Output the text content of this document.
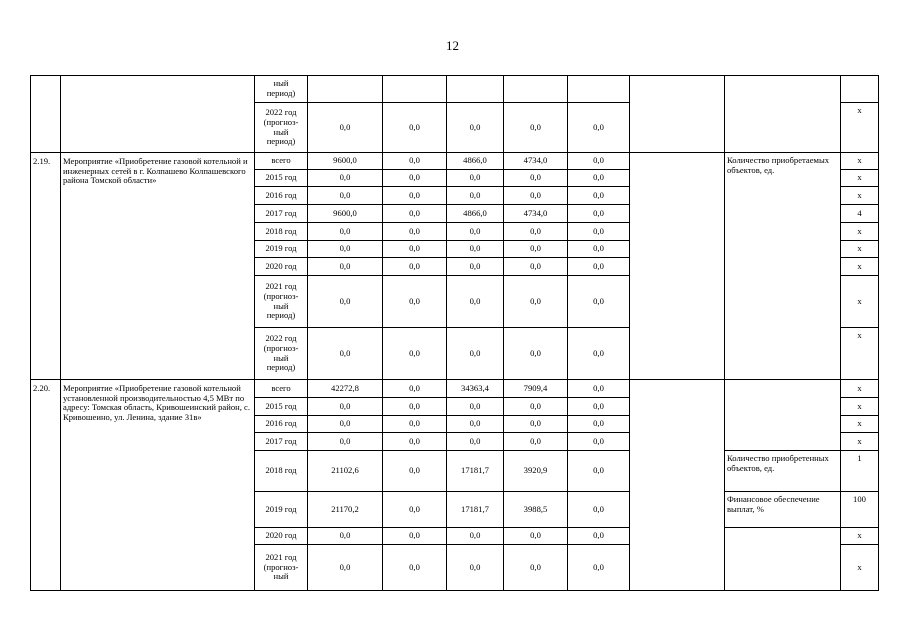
12
		ный
период)								
		2022 год
(прогноз-
ный
период)	0,0	0,0	0,0	0,0	0,0			х
2.19.	Мероприятие «Приобретение газовой котельной и инженерных сетей в г. Колпашево Колпашевского района Томской области»	всего	9600,0	0,0	4866,0	4734,0	0,0		Количество приобретаемых объектов, ед.	х
		2015 год	0,0	0,0	0,0	0,0	0,0			х
		2016 год	0,0	0,0	0,0	0,0	0,0			х
		2017 год	9600,0	0,0	4866,0	4734,0	0,0			4
		2018 год	0,0	0,0	0,0	0,0	0,0			х
		2019 год	0,0	0,0	0,0	0,0	0,0			х
		2020 год	0,0	0,0	0,0	0,0	0,0			х
		2021 год
(прогноз-
ный
период)	0,0	0,0	0,0	0,0	0,0			х
		2022 год
(прогноз-
ный
период)	0,0	0,0	0,0	0,0	0,0			х
2.20.	Мероприятие «Приобретение газовой котельной установленной производительностью 4,5 МВт по адресу: Томская область, Кривошеинский район, с. Кривошеино, ул. Ленина, здание 31в»	всего	42272,8	0,0	34363,4	7909,4	0,0			х
		2015 год	0,0	0,0	0,0	0,0	0,0			х
		2016 год	0,0	0,0	0,0	0,0	0,0			х
		2017 год	0,0	0,0	0,0	0,0	0,0			х
		2018 год	21102,6	0,0	17181,7	3920,9	0,0		Количество приобретенных объектов, ед.	1
		2019 год	21170,2	0,0	17181,7	3988,5	0,0		Финансовое обеспечение выплат, %	100
		2020 год	0,0	0,0	0,0	0,0	0,0			х
		2021 год
(прогноз-
ный	0,0	0,0	0,0	0,0	0,0			х
